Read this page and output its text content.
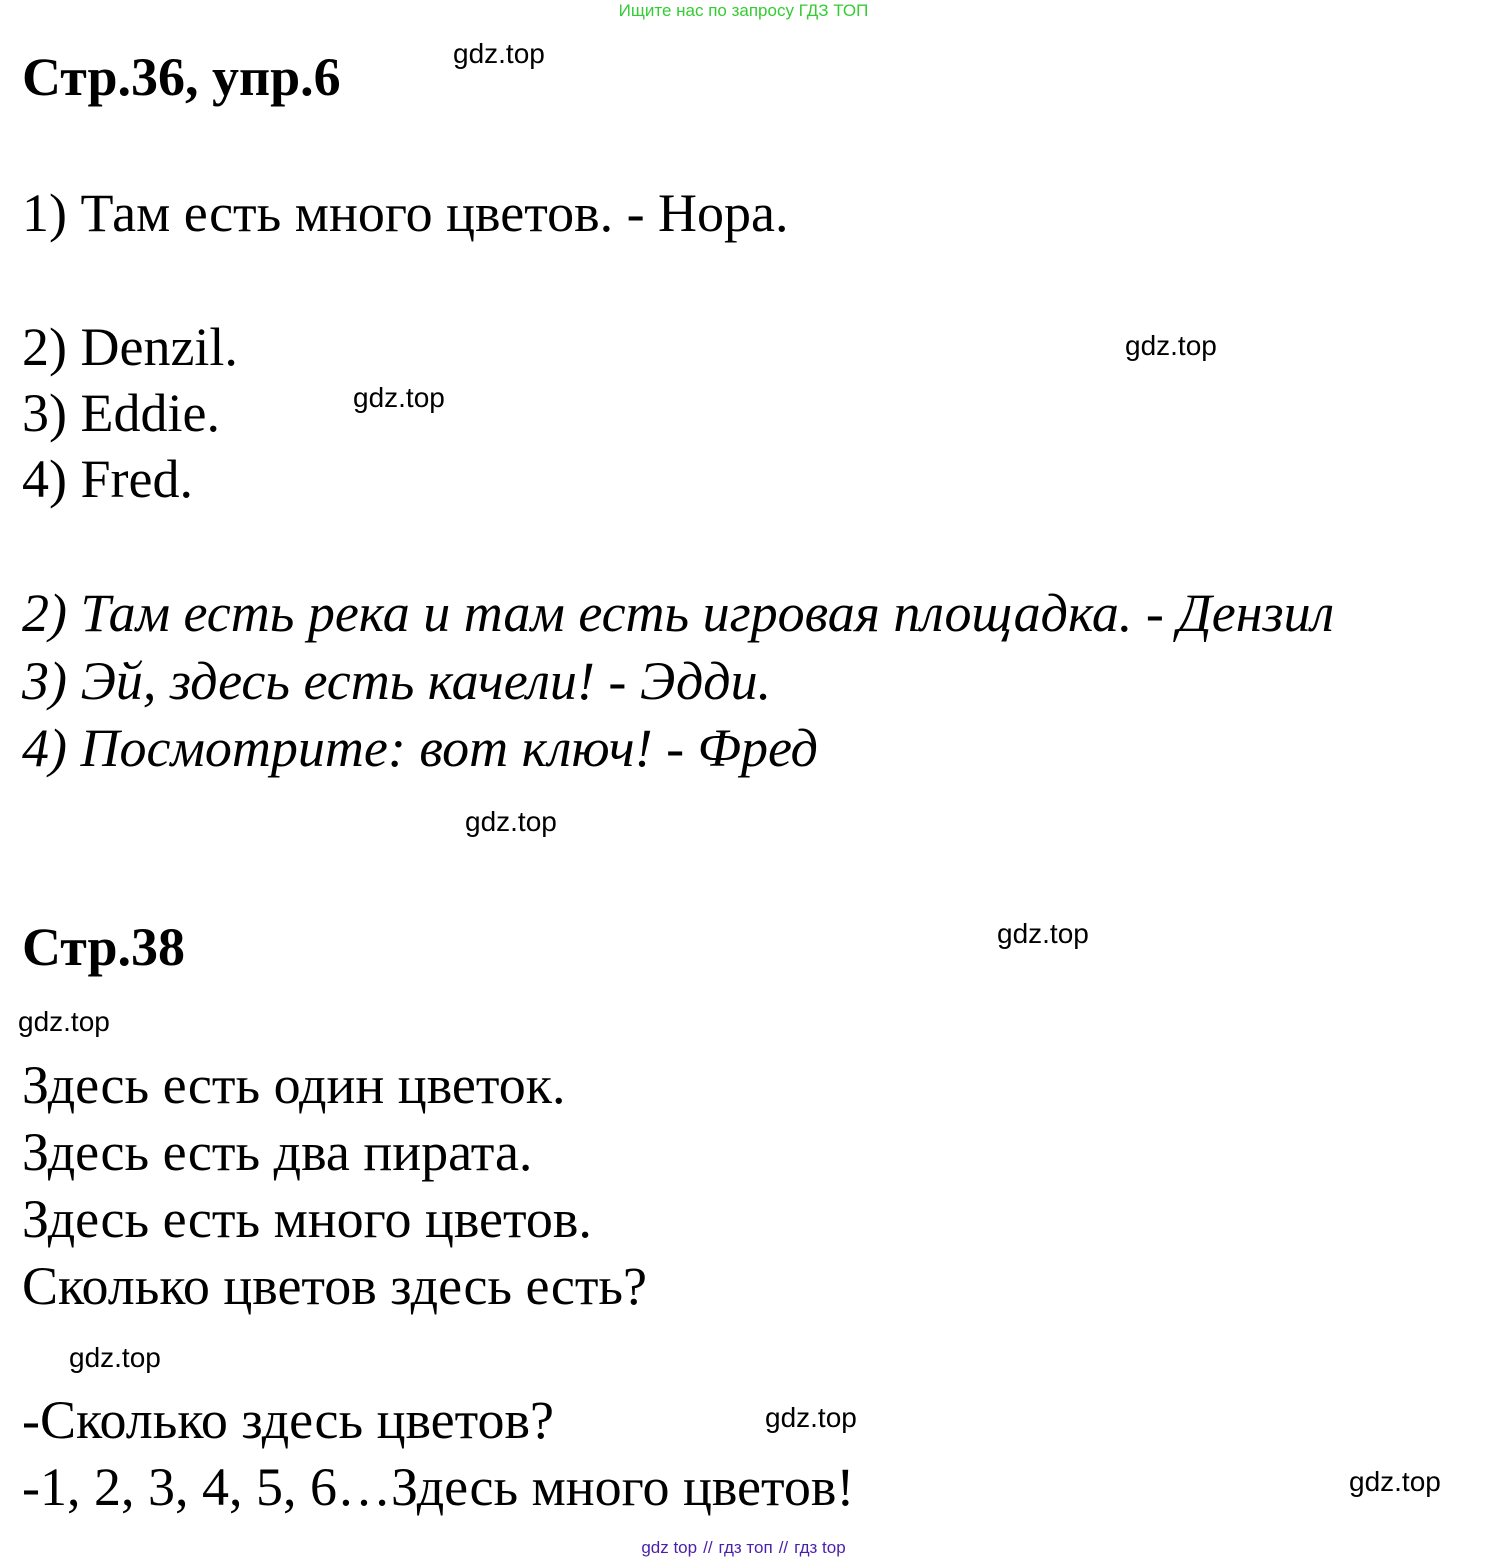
Ищите нас по запросу ГДЗ ТОП
Стр.36, упр.6
1) Там есть много цветов. - Нора.
2) Denzil.
3) Eddie.
4) Fred.
2) Там есть река и там есть игровая площадка. - Дензил
3) Эй, здесь есть качели! - Эдди.
4) Посмотрите: вот ключ! - Фред
Стр.38
Здесь есть один цветок.
Здесь есть два пирата.
Здесь есть много цветов.
Сколько цветов здесь есть?
-Сколько здесь цветов?
-1, 2, 3, 4, 5, 6…Здесь много цветов!
gdz.top
gdz.top
gdz.top
gdz.top
gdz.top
gdz.top
gdz.top
gdz.top
gdz.top
gdz top // гдз топ // гдз top
